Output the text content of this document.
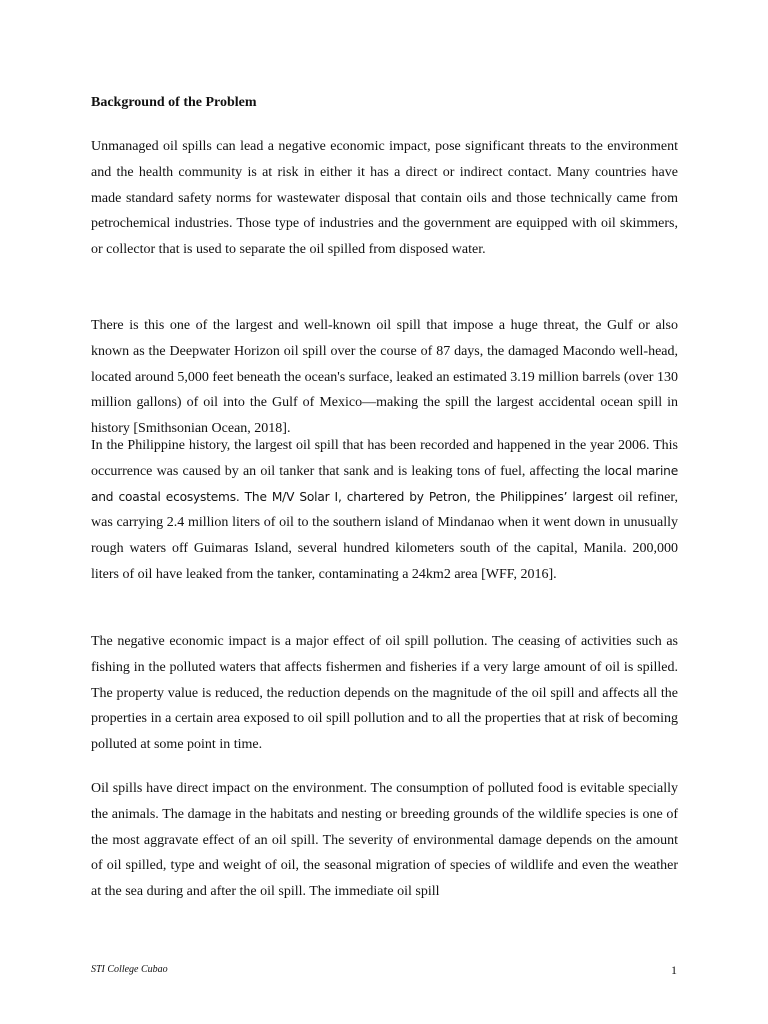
Background of the Problem

Unmanaged oil spills can lead a negative economic impact, pose significant threats to the environment and the health community is at risk in either it has a direct or indirect contact. Many countries have made standard safety norms for wastewater disposal that contain oils and those technically came from petrochemical industries. Those type of industries and the government are equipped with oil skimmers, or collector that is used to separate the oil spilled from disposed water.

There is this one of the largest and well-known oil spill that impose a huge threat, the Gulf or also known as the Deepwater Horizon oil spill over the course of 87 days, the damaged Macondo well-head, located around 5,000 feet beneath the ocean's surface, leaked an estimated 3.19 million barrels (over 130 million gallons) of oil into the Gulf of Mexico—making the spill the largest accidental ocean spill in history [Smithsonian Ocean, 2018].

In the Philippine history, the largest oil spill that has been recorded and happened in the year 2006. This occurrence was caused by an oil tanker that sank and is leaking tons of fuel, affecting the local marine and coastal ecosystems. The M/V Solar I, chartered by Petron, the Philippines’ largest oil refiner, was carrying 2.4 million liters of oil to the southern island of Mindanao when it went down in unusually rough waters off Guimaras Island, several hundred kilometers south of the capital, Manila. 200,000 liters of oil have leaked from the tanker, contaminating a 24km2 area [WFF, 2016].

The negative economic impact is a major effect of oil spill pollution. The ceasing of activities such as fishing in the polluted waters that affects fishermen and fisheries if a very large amount of oil is spilled. The property value is reduced, the reduction depends on the magnitude of the oil spill and affects all the properties in a certain area exposed to oil spill pollution and to all the properties that at risk of becoming polluted at some point in time.

Oil spills have direct impact on the environment. The consumption of polluted food is evitable specially the animals. The damage in the habitats and nesting or breeding grounds of the wildlife species is one of the most aggravate effect of an oil spill. The severity of environmental damage depends on the amount of oil spilled, type and weight of oil, the seasonal migration of species of wildlife and even the weather at the sea during and after the oil spill. The immediate oil spill

STI College Cubao	1
